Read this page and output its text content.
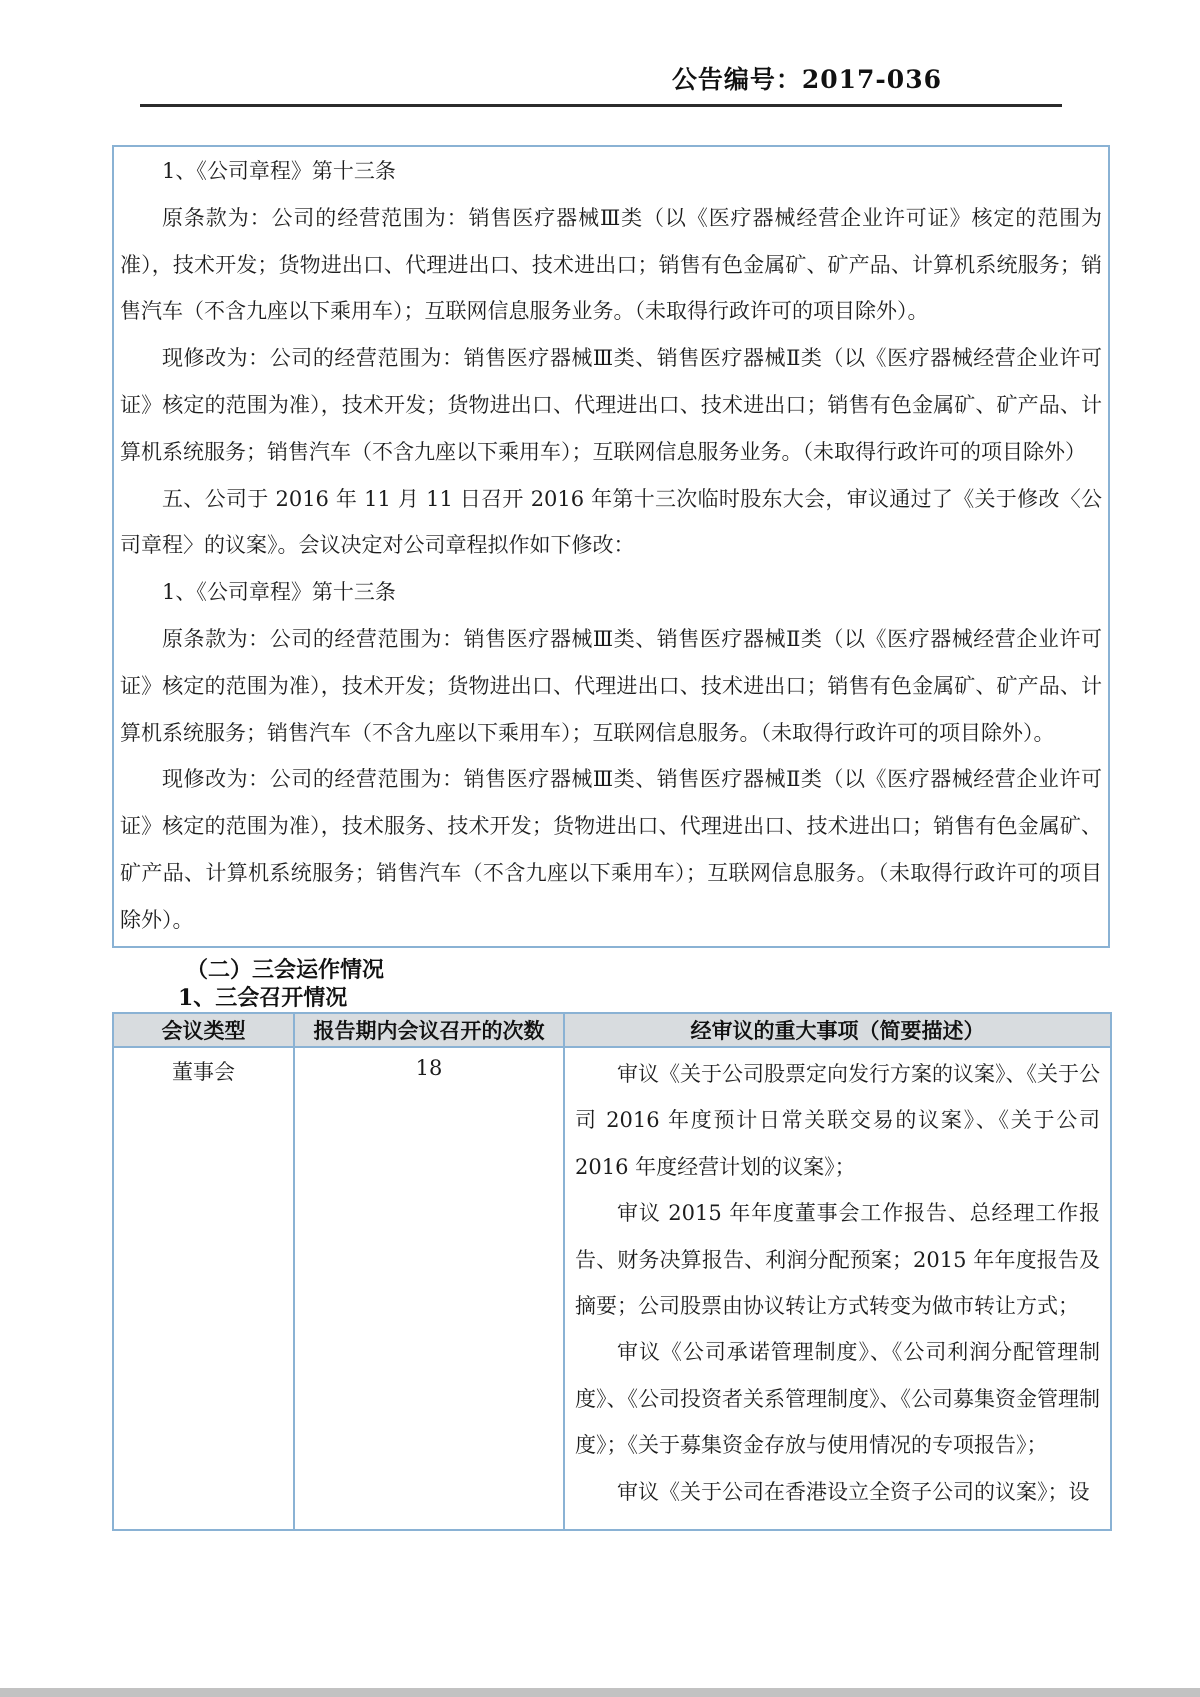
公告编号：2017-036

1、《公司章程》第十三条

原条款为：公司的经营范围为：销售医疗器械Ⅲ类（以《医疗器械经营企业许可证》核定的范围为准），技术开发；货物进出口、代理进出口、技术进出口；销售有色金属矿、矿产品、计算机系统服务；销售汽车（不含九座以下乘用车）；互联网信息服务业务。（未取得行政许可的项目除外）。

现修改为：公司的经营范围为：销售医疗器械Ⅲ类、销售医疗器械Ⅱ类（以《医疗器械经营企业许可证》核定的范围为准），技术开发；货物进出口、代理进出口、技术进出口；销售有色金属矿、矿产品、计算机系统服务；销售汽车（不含九座以下乘用车）；互联网信息服务业务。（未取得行政许可的项目除外）

五、公司于 2016 年 11 月 11 日召开 2016 年第十三次临时股东大会，审议通过了《关于修改〈公司章程〉的议案》。会议决定对公司章程拟作如下修改：

1、《公司章程》第十三条

原条款为：公司的经营范围为：销售医疗器械Ⅲ类、销售医疗器械Ⅱ类（以《医疗器械经营企业许可证》核定的范围为准），技术开发；货物进出口、代理进出口、技术进出口；销售有色金属矿、矿产品、计算机系统服务；销售汽车（不含九座以下乘用车）；互联网信息服务。（未取得行政许可的项目除外）。

现修改为：公司的经营范围为：销售医疗器械Ⅲ类、销售医疗器械Ⅱ类（以《医疗器械经营企业许可证》核定的范围为准），技术服务、技术开发；货物进出口、代理进出口、技术进出口；销售有色金属矿、矿产品、计算机系统服务；销售汽车（不含九座以下乘用车）；互联网信息服务。（未取得行政许可的项目除外）。

（二）三会运作情况
1、三会召开情况
会议类型	报告期内会议召开的次数	经审议的重大事项（简要描述）
董事会	18	审议《关于公司股票定向发行方案的议案》、《关于公司 2016 年度预计日常关联交易的议案》、《关于公司 2016 年度经营计划的议案》；

审议 2015 年年度董事会工作报告、总经理工作报告、财务决算报告、利润分配预案；2015 年年度报告及摘要；公司股票由协议转让方式转变为做市转让方式；

审议《公司承诺管理制度》、《公司利润分配管理制度》、《公司投资者关系管理制度》、《公司募集资金管理制度》；《关于募集资金存放与使用情况的专项报告》；

审议《关于公司在香港设立全资子公司的议案》；设
